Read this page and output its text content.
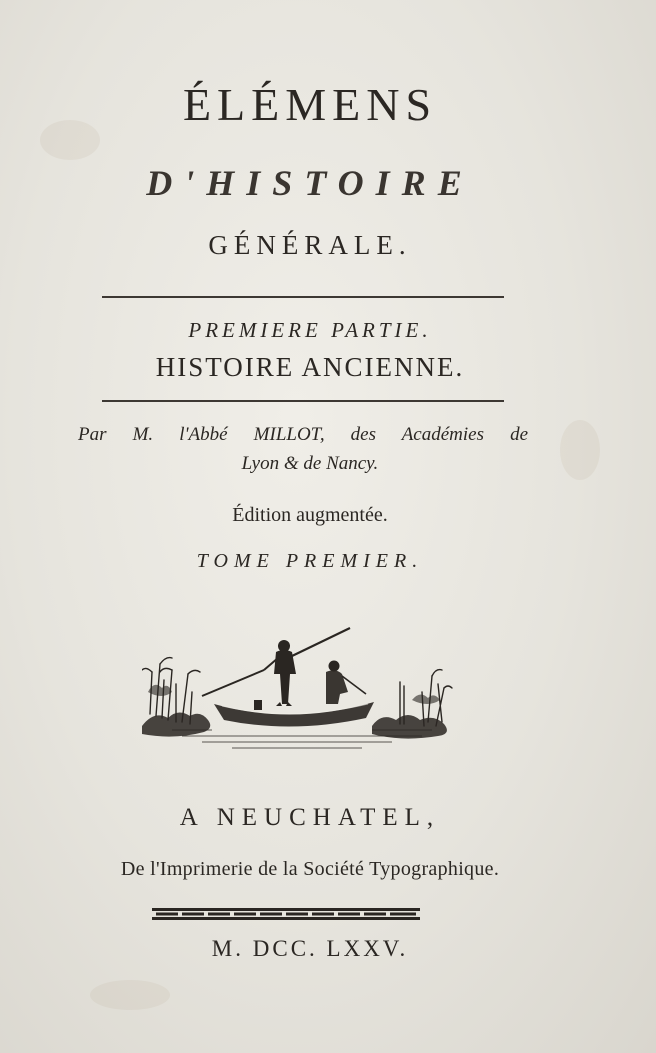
ÉLÉMENS
D'HISTOIRE
GÉNÉRALE.
PREMIERE PARTIE.
HISTOIRE ANCIENNE.
Par M. l'Abbé MILLOT, des Académies de
Lyon & de Nancy.
Édition augmentée.
TOME PREMIER.
A NEUCHATEL,
De l'Imprimerie de la Société Typographique.
M. DCC. LXXV.
